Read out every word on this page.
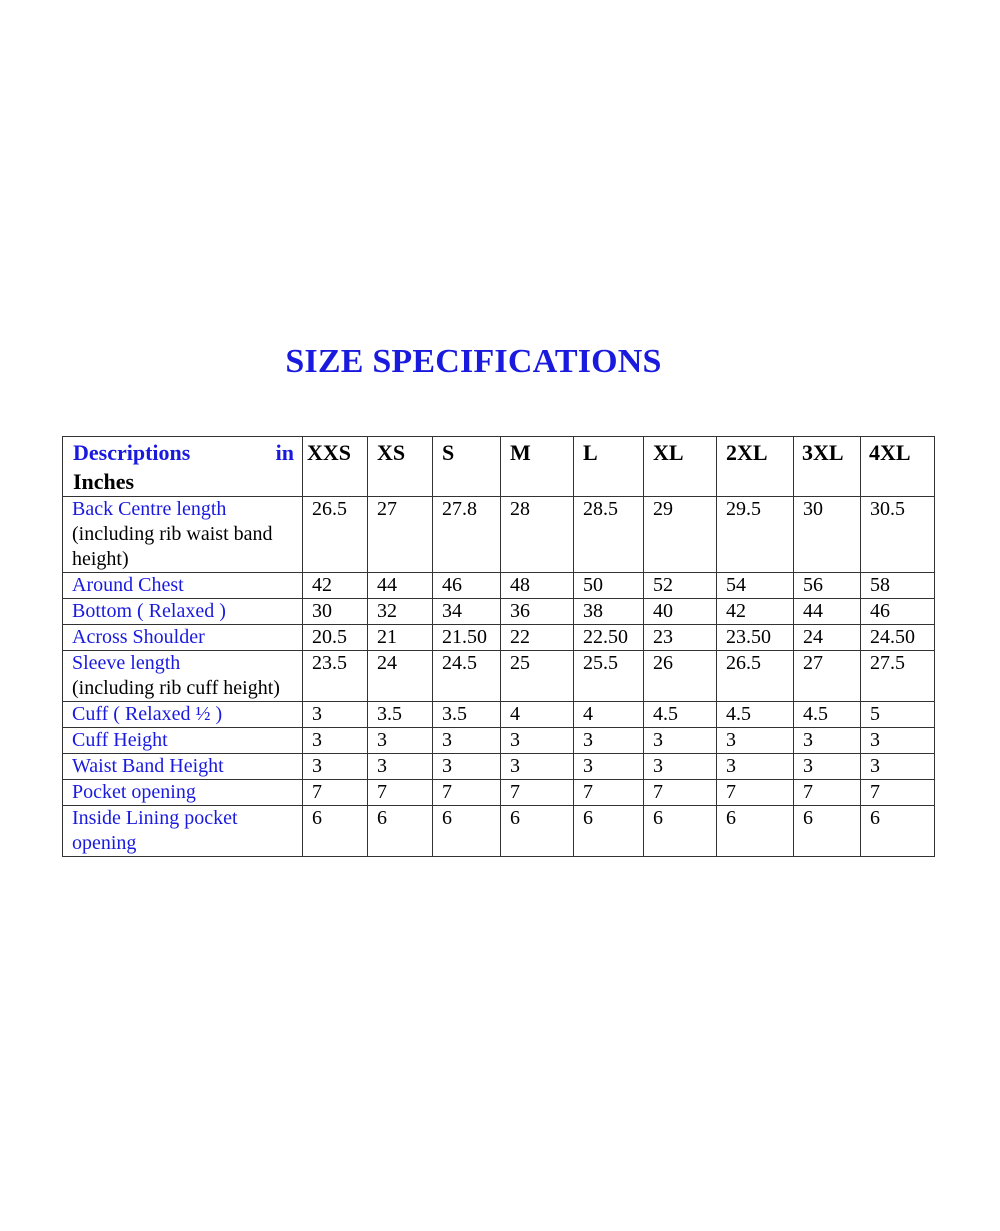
SIZE SPECIFICATIONS
Descriptions in
Inches	XXS	XS	S	M	L	XL	2XL	3XL	4XL

Back Centre length
(including rib waist band height)	26.5	27	27.8	28	28.5	29	29.5	30	30.5

Around Chest	42	44	46	48	50	52	54	56	58

Bottom ( Relaxed )	30	32	34	36	38	40	42	44	46

Across Shoulder	20.5	21	21.50	22	22.50	23	23.50	24	24.50

Sleeve length
(including rib cuff height)	23.5	24	24.5	25	25.5	26	26.5	27	27.5

Cuff ( Relaxed ½ )	3	3.5	3.5	4	4	4.5	4.5	4.5	5

Cuff Height	3	3	3	3	3	3	3	3	3

Waist Band Height	3	3	3	3	3	3	3	3	3

Pocket opening	7	7	7	7	7	7	7	7	7

Inside Lining pocket opening	6	6	6	6	6	6	6	6	6
